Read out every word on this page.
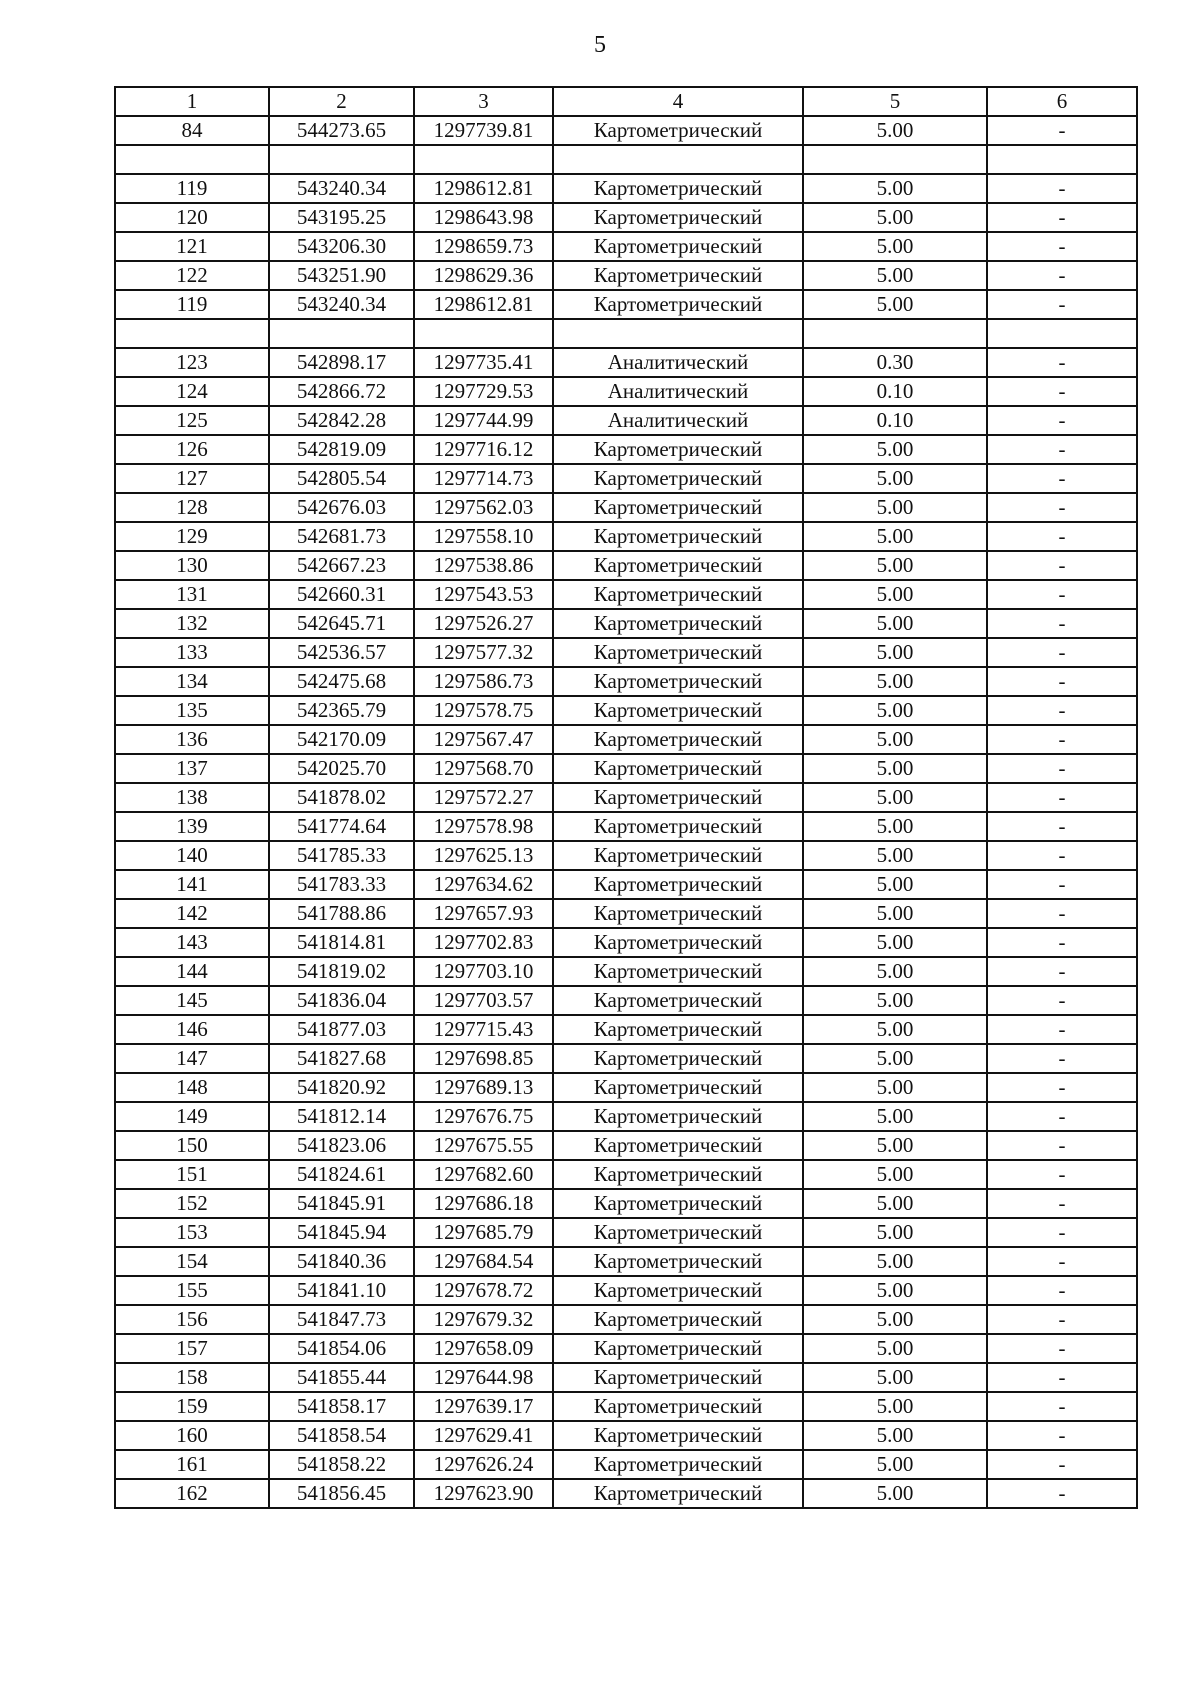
5
1	2	3	4	5	6
84	544273.65	1297739.81	Картометрический	5.00	-

119	543240.34	1298612.81	Картометрический	5.00	-
120	543195.25	1298643.98	Картометрический	5.00	-
121	543206.30	1298659.73	Картометрический	5.00	-
122	543251.90	1298629.36	Картометрический	5.00	-
119	543240.34	1298612.81	Картометрический	5.00	-

123	542898.17	1297735.41	Аналитический	0.30	-
124	542866.72	1297729.53	Аналитический	0.10	-
125	542842.28	1297744.99	Аналитический	0.10	-
126	542819.09	1297716.12	Картометрический	5.00	-
127	542805.54	1297714.73	Картометрический	5.00	-
128	542676.03	1297562.03	Картометрический	5.00	-
129	542681.73	1297558.10	Картометрический	5.00	-
130	542667.23	1297538.86	Картометрический	5.00	-
131	542660.31	1297543.53	Картометрический	5.00	-
132	542645.71	1297526.27	Картометрический	5.00	-
133	542536.57	1297577.32	Картометрический	5.00	-
134	542475.68	1297586.73	Картометрический	5.00	-
135	542365.79	1297578.75	Картометрический	5.00	-
136	542170.09	1297567.47	Картометрический	5.00	-
137	542025.70	1297568.70	Картометрический	5.00	-
138	541878.02	1297572.27	Картометрический	5.00	-
139	541774.64	1297578.98	Картометрический	5.00	-
140	541785.33	1297625.13	Картометрический	5.00	-
141	541783.33	1297634.62	Картометрический	5.00	-
142	541788.86	1297657.93	Картометрический	5.00	-
143	541814.81	1297702.83	Картометрический	5.00	-
144	541819.02	1297703.10	Картометрический	5.00	-
145	541836.04	1297703.57	Картометрический	5.00	-
146	541877.03	1297715.43	Картометрический	5.00	-
147	541827.68	1297698.85	Картометрический	5.00	-
148	541820.92	1297689.13	Картометрический	5.00	-
149	541812.14	1297676.75	Картометрический	5.00	-
150	541823.06	1297675.55	Картометрический	5.00	-
151	541824.61	1297682.60	Картометрический	5.00	-
152	541845.91	1297686.18	Картометрический	5.00	-
153	541845.94	1297685.79	Картометрический	5.00	-
154	541840.36	1297684.54	Картометрический	5.00	-
155	541841.10	1297678.72	Картометрический	5.00	-
156	541847.73	1297679.32	Картометрический	5.00	-
157	541854.06	1297658.09	Картометрический	5.00	-
158	541855.44	1297644.98	Картометрический	5.00	-
159	541858.17	1297639.17	Картометрический	5.00	-
160	541858.54	1297629.41	Картометрический	5.00	-
161	541858.22	1297626.24	Картометрический	5.00	-
162	541856.45	1297623.90	Картометрический	5.00	-
